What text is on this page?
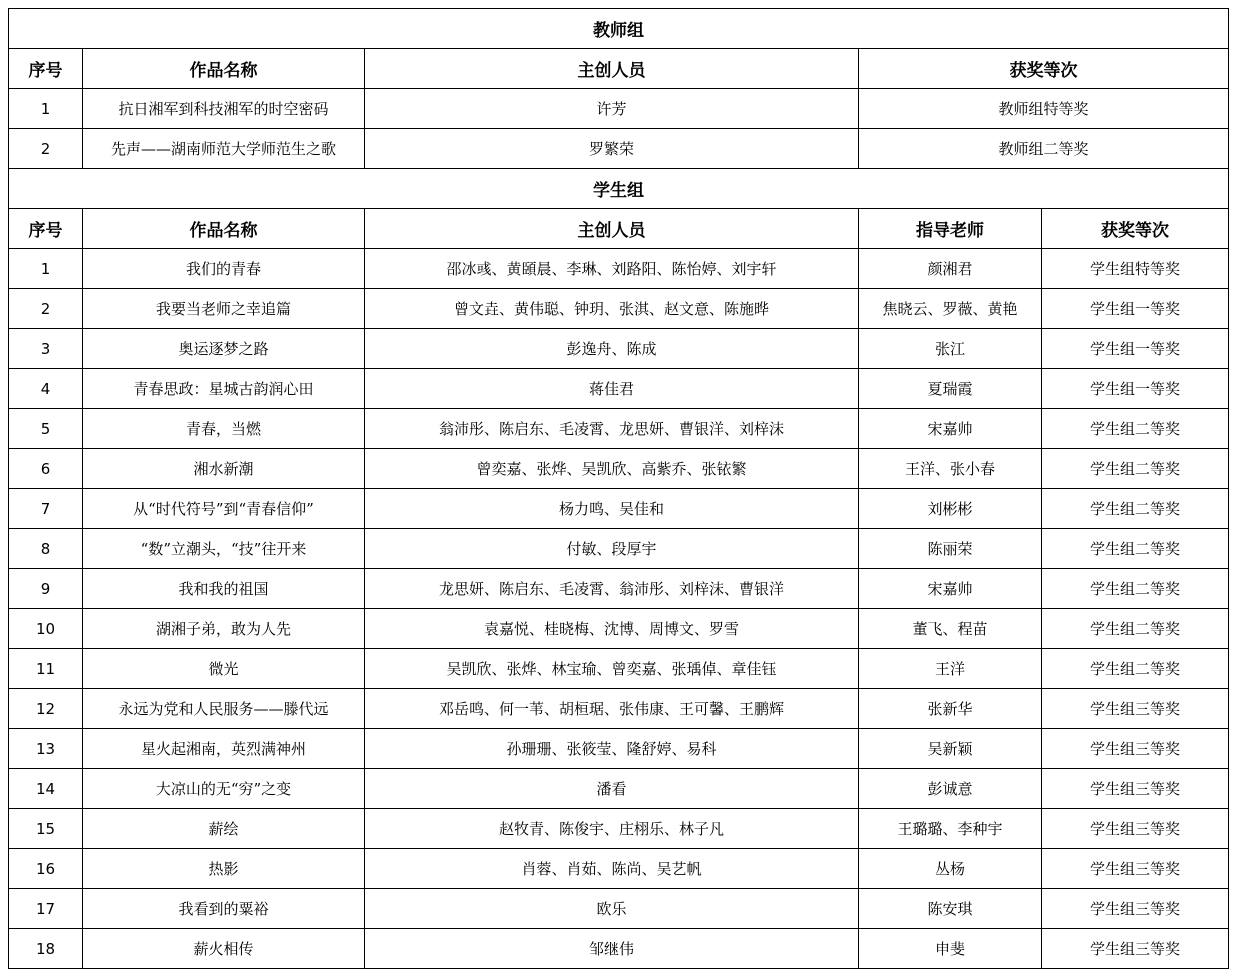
教师组				
序号	作品名称	主创人员	获奖等次	
1	抗日湘军到科技湘军的时空密码	许芳	教师组特等奖	
2	先声——湖南师范大学师范生之歌	罗繁荣	教师组二等奖	
学生组				
序号	作品名称	主创人员	指导老师	获奖等次
1	我们的青春	邵冰彧、黄頣晨、李琳、刘路阳、陈怡婷、刘宇轩	颜湘君	学生组特等奖
2	我要当老师之幸追篇	曾文垚、黄伟聪、钟玥、张淇、赵文意、陈施晔	焦晓云、罗薇、黄艳	学生组一等奖
3	奥运逐梦之路	彭逸舟、陈成	张江	学生组一等奖
4	青春思政：星城古韵润心田	蒋佳君	夏瑞霞	学生组一等奖
5	青春，当燃	翁沛彤、陈启东、毛凌霄、龙思妍、曹银洋、刘梓沫	宋嘉帅	学生组二等奖
6	湘水新潮	曾奕嘉、张烨、吴凯欣、高紫乔、张铱繁	王洋、张小春	学生组二等奖
7	从“时代符号”到“青春信仰”	杨力鸣、吴佳和	刘彬彬	学生组二等奖
8	“数”立潮头，“技”往开来	付敏、段厚宇	陈丽荣	学生组二等奖
9	我和我的祖国	龙思妍、陈启东、毛凌霄、翁沛彤、刘梓沫、曹银洋	宋嘉帅	学生组二等奖
10	湖湘子弟，敢为人先	袁嘉悦、桂晓梅、沈博、周博文、罗雪	董飞、程苗	学生组二等奖
11	微光	吴凯欣、张烨、林宝瑜、曾奕嘉、张瑀倬、章佳钰	王洋	学生组二等奖
12	永远为党和人民服务——滕代远	邓岳鸣、何一苇、胡桓琚、张伟康、王可馨、王鹏辉	张新华	学生组三等奖
13	星火起湘南，英烈满神州	孙珊珊、张筱莹、隆舒婷、易科	吴新颖	学生组三等奖
14	大凉山的无“穷”之变	潘看	彭诚意	学生组三等奖
15	薪绘	赵牧青、陈俊宇、庄栩乐、林子凡	王璐璐、李种宇	学生组三等奖
16	热影	肖蓉、肖茹、陈尚、吴艺帆	丛杨	学生组三等奖
17	我看到的粟裕	欧乐	陈安琪	学生组三等奖
18	薪火相传	邹继伟	申斐	学生组三等奖
